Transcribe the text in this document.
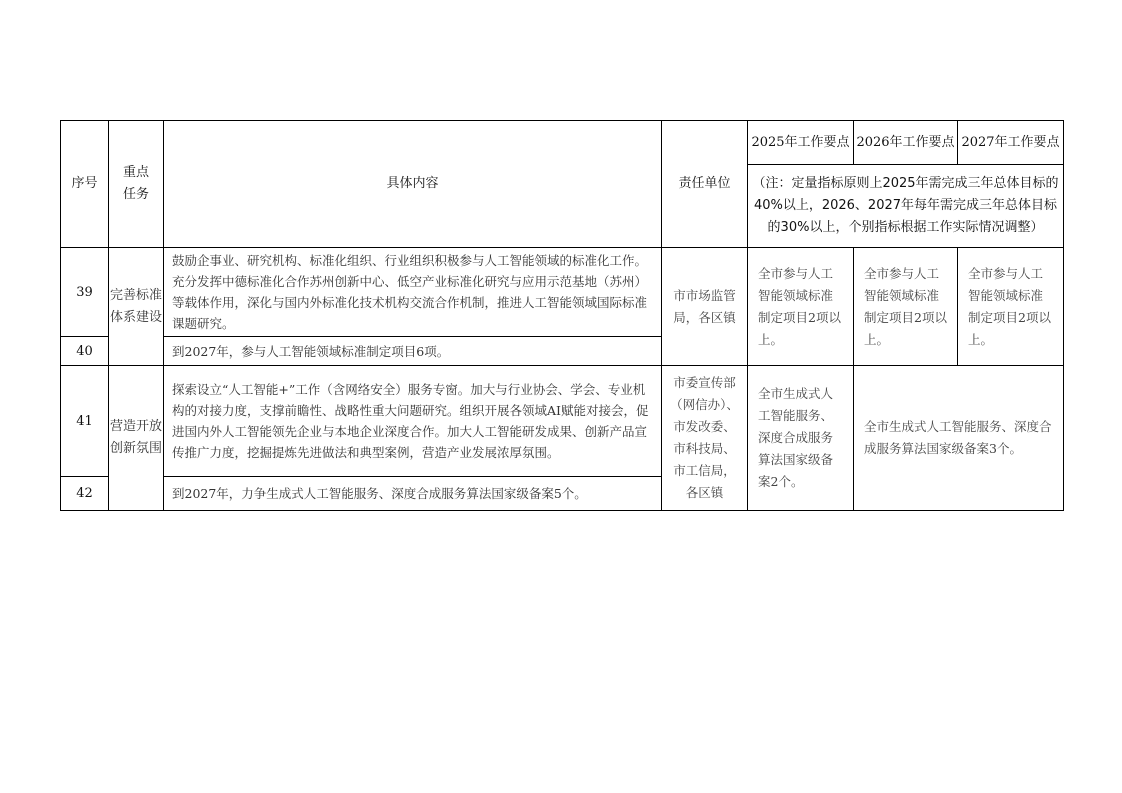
序号	重点任务	具体内容	责任单位	2025年工作要点	2026年工作要点	2027年工作要点
				（注：定量指标原则上2025年需完成三年总体目标的40%以上，2026、2027年每年需完成三年总体目标的30%以上，个别指标根据工作实际情况调整）		
39	完善标准体系建设	鼓励企事业、研究机构、标准化组织、行业组织积极参与人工智能领域的标准化工作。充分发挥中德标准化合作苏州创新中心、低空产业标准化研究与应用示范基地（苏州）等载体作用，深化与国内外标准化技术机构交流合作机制，推进人工智能领域国际标准课题研究。	市市场监管局，各区镇	全市参与人工智能领域标准制定项目2项以上。	全市参与人工智能领域标准制定项目2项以上。	全市参与人工智能领域标准制定项目2项以上。
40		到2027年，参与人工智能领域标准制定项目6项。				
41	营造开放创新氛围	探索设立“人工智能+”工作（含网络安全）服务专窗。加大与行业协会、学会、专业机构的对接力度，支撑前瞻性、战略性重大问题研究。组织开展各领域AI赋能对接会，促进国内外人工智能领先企业与本地企业深度合作。加大人工智能研发成果、创新产品宣传推广力度，挖掘提炼先进做法和典型案例，营造产业发展浓厚氛围。	市委宣传部（网信办）、市发改委、市科技局、市工信局，各区镇	全市生成式人工智能服务、深度合成服务算法国家级备案2个。	全市生成式人工智能服务、深度合成服务算法国家级备案3个。	
42		到2027年，力争生成式人工智能服务、深度合成服务算法国家级备案5个。				
